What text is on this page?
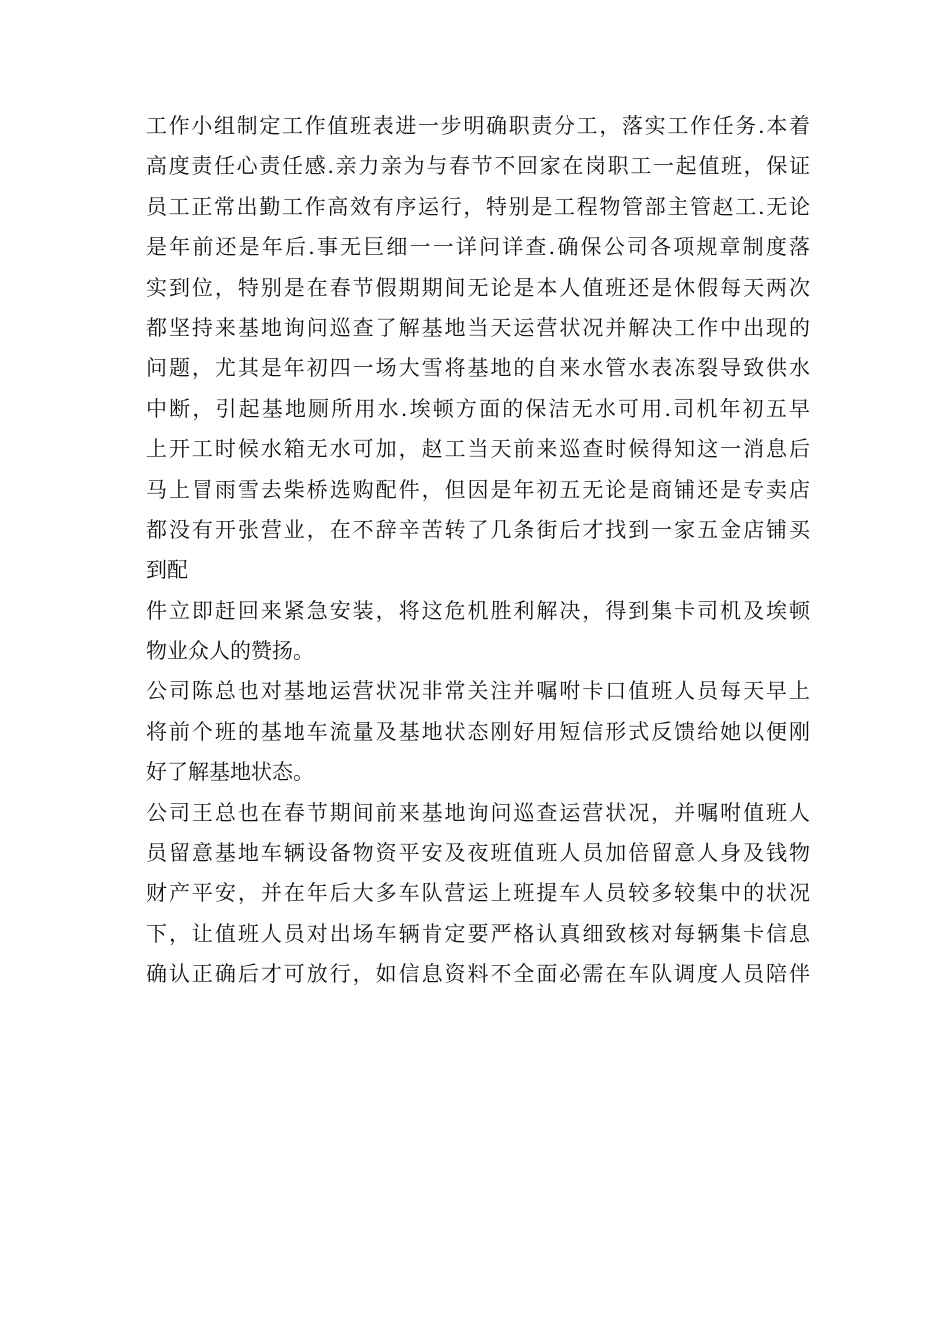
工作小组制定工作值班表进一步明确职责分工，落实工作任务.本着
高度责任心责任感.亲力亲为与春节不回家在岗职工一起值班，保证
员工正常出勤工作高效有序运行，特别是工程物管部主管赵工.无论
是年前还是年后.事无巨细一一详问详查.确保公司各项规章制度落
实到位，特别是在春节假期期间无论是本人值班还是休假每天两次
都坚持来基地询问巡查了解基地当天运营状况并解决工作中出现的
问题，尤其是年初四一场大雪将基地的自来水管水表冻裂导致供水
中断，引起基地厕所用水.埃顿方面的保洁无水可用.司机年初五早
上开工时候水箱无水可加，赵工当天前来巡查时候得知这一消息后
马上冒雨雪去柴桥选购配件，但因是年初五无论是商铺还是专卖店
都没有开张营业，在不辞辛苦转了几条街后才找到一家五金店铺买
到配
件立即赶回来紧急安装，将这危机胜利解决，得到集卡司机及埃顿
物业众人的赞扬。
公司陈总也对基地运营状况非常关注并嘱咐卡口值班人员每天早上
将前个班的基地车流量及基地状态刚好用短信形式反馈给她以便刚
好了解基地状态。
公司王总也在春节期间前来基地询问巡查运营状况，并嘱咐值班人
员留意基地车辆设备物资平安及夜班值班人员加倍留意人身及钱物
财产平安，并在年后大多车队营运上班提车人员较多较集中的状况
下，让值班人员对出场车辆肯定要严格认真细致核对每辆集卡信息
确认正确后才可放行，如信息资料不全面必需在车队调度人员陪伴
